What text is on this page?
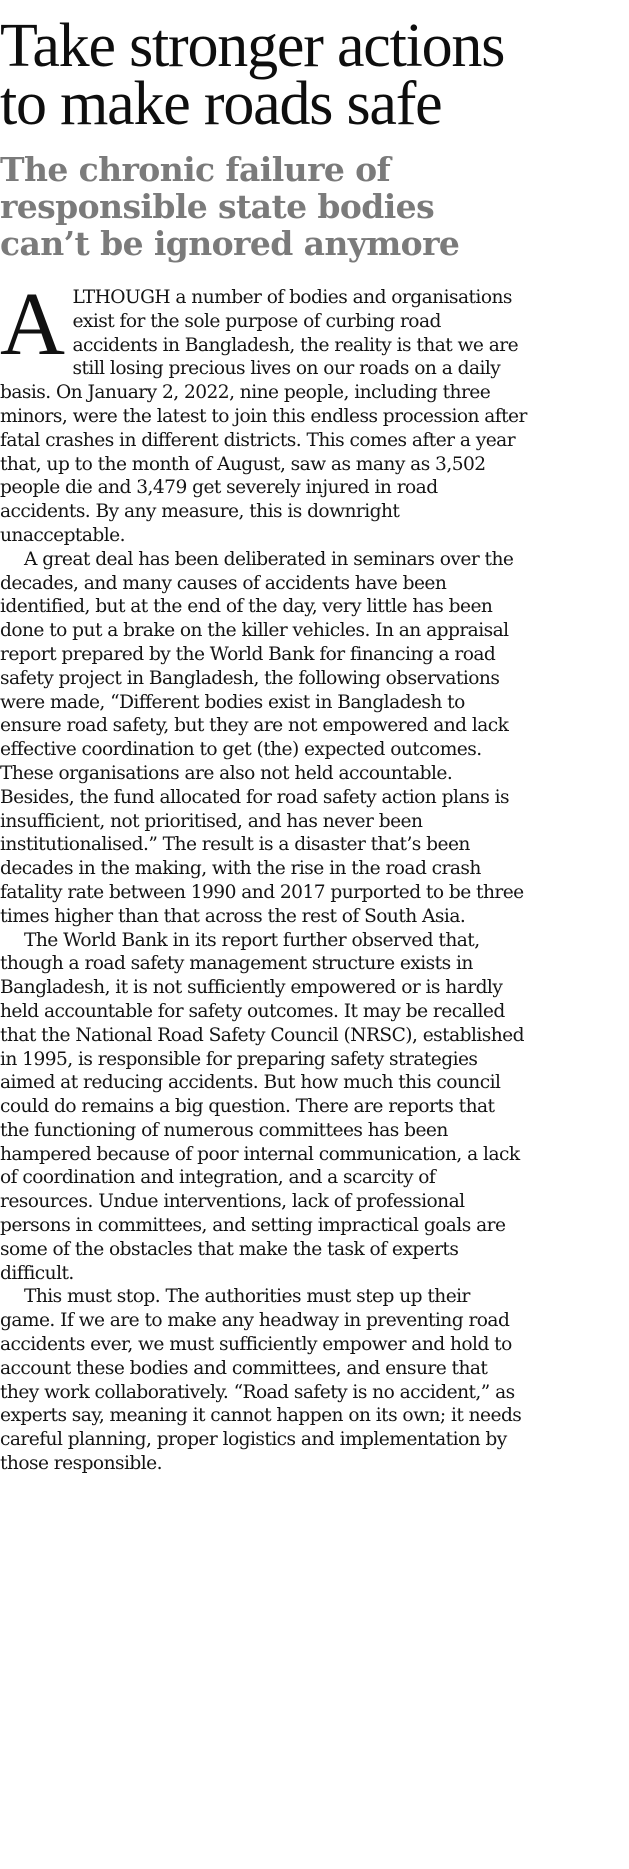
Take stronger actions to make roads safe
The chronic failure of responsible state bodies can’t be ignored anymore

ALTHOUGH a number of bodies and organisations exist for the sole purpose of curbing road accidents in Bangladesh, the reality is that we are still losing precious lives on our roads on a daily basis. On January 2, 2022, nine people, including three minors, were the latest to join this endless procession after fatal crashes in different districts. This comes after a year that, up to the month of August, saw as many as 3,502 people die and 3,479 get severely injured in road accidents. By any measure, this is downright unacceptable.

A great deal has been deliberated in seminars over the decades, and many causes of accidents have been identified, but at the end of the day, very little has been done to put a brake on the killer vehicles. In an appraisal report prepared by the World Bank for financing a road safety project in Bangladesh, the following observations were made, “Different bodies exist in Bangladesh to ensure road safety, but they are not empowered and lack effective coordination to get (the) expected outcomes. These organisations are also not held accountable. Besides, the fund allocated for road safety action plans is insufficient, not prioritised, and has never been institutionalised.” The result is a disaster that’s been decades in the making, with the rise in the road crash fatality rate between 1990 and 2017 purported to be three times higher than that across the rest of South Asia.

The World Bank in its report further observed that, though a road safety management structure exists in Bangladesh, it is not sufficiently empowered or is hardly held accountable for safety outcomes. It may be recalled that the National Road Safety Council (NRSC), established in 1995, is responsible for preparing safety strategies aimed at reducing accidents. But how much this council could do remains a big question. There are reports that the functioning of numerous committees has been hampered because of poor internal communication, a lack of coordination and integration, and a scarcity of resources. Undue interventions, lack of professional persons in committees, and setting impractical goals are some of the obstacles that make the task of experts difficult.

This must stop. The authorities must step up their game. If we are to make any headway in preventing road accidents ever, we must sufficiently empower and hold to account these bodies and committees, and ensure that they work collaboratively. “Road safety is no accident,” as experts say, meaning it cannot happen on its own; it needs careful planning, proper logistics and implementation by those responsible.
